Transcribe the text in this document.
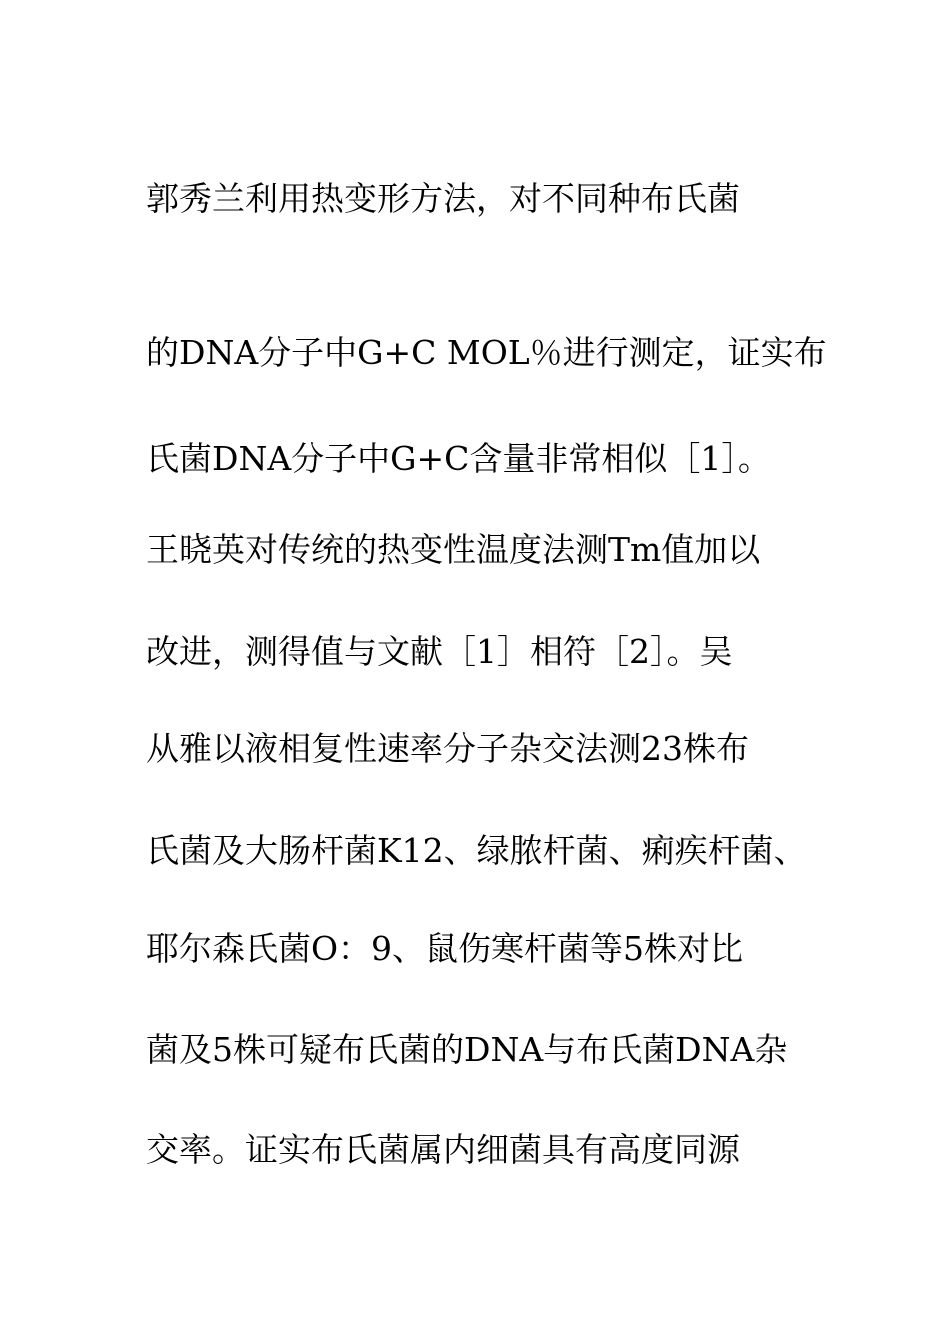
郭秀兰利用热变形方法，对不同种布氏菌
的DNA分子中G+C MOL％进行测定，证实布
氏菌DNA分子中G+C含量非常相似［1］。
王晓英对传统的热变性温度法测Tm值加以
改进，测得值与文献［1］相符［2］。吴
从雅以液相复性速率分子杂交法测23株布
氏菌及大肠杆菌K12、绿脓杆菌、痢疾杆菌、
耶尔森氏菌O：9、鼠伤寒杆菌等5株对比
菌及5株可疑布氏菌的DNA与布氏菌DNA杂
交率。证实布氏菌属内细菌具有高度同源
